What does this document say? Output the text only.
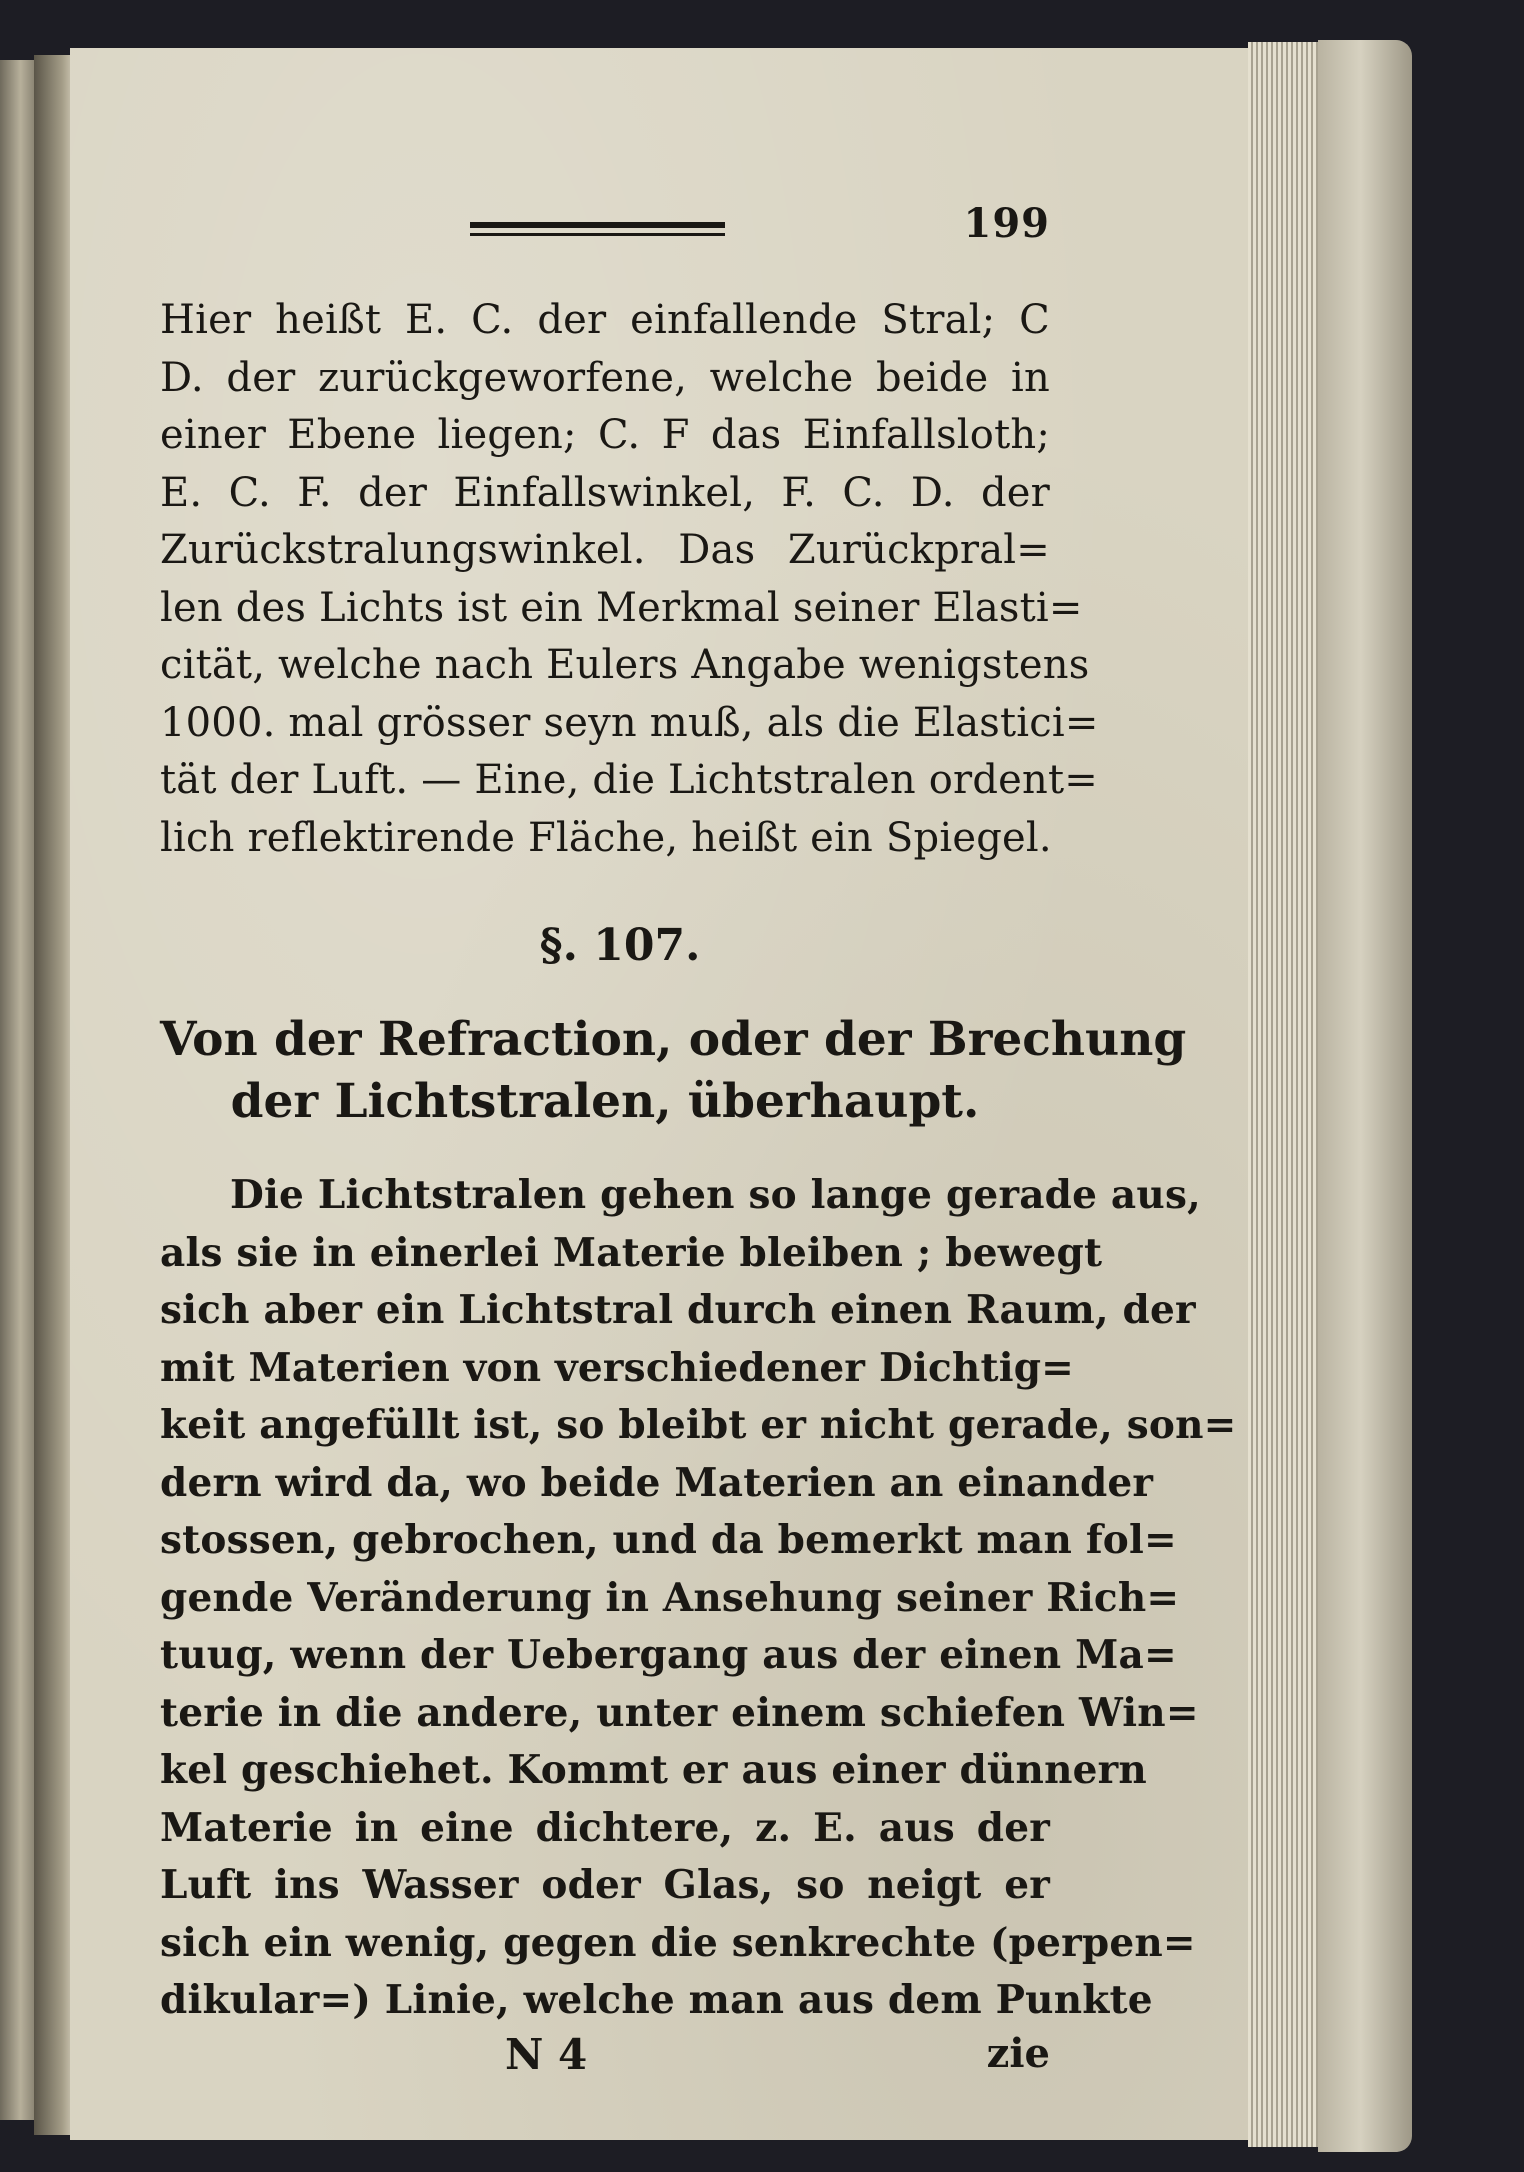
199
Hier heißt E. C. der einfallende Stral; C
D. der zurückgeworfene, welche beide in
einer Ebene liegen; C. F das Einfallsloth;
E. C. F. der Einfallswinkel, F. C. D. der
Zurückstralungswinkel. Das Zurückpral=
len des Lichts ist ein Merkmal seiner Elasti=
cität, welche nach Eulers Angabe wenigstens
1000. mal grösser seyn muß, als die Elastici=
tät der Luft. — Eine, die Lichtstralen ordent=
lich reflektirende Fläche, heißt ein Spiegel.
§. 107.
Von der Refraction, oder der Brechung
der Lichtstralen, überhaupt.
Die Lichtstralen gehen so lange gerade aus,
als sie in einerlei Materie bleiben ; bewegt
sich aber ein Lichtstral durch einen Raum, der
mit Materien von verschiedener Dichtig=
keit angefüllt ist, so bleibt er nicht gerade, son=
dern wird da, wo beide Materien an einander
stossen, gebrochen, und da bemerkt man fol=
gende Veränderung in Ansehung seiner Rich=
tuug, wenn der Uebergang aus der einen Ma=
terie in die andere, unter einem schiefen Win=
kel geschiehet. Kommt er aus einer dünnern
Materie in eine dichtere, z. E. aus der
Luft ins Wasser oder Glas, so neigt er
sich ein wenig, gegen die senkrechte (perpen=
dikular=) Linie, welche man aus dem Punkte
N 4	zie
